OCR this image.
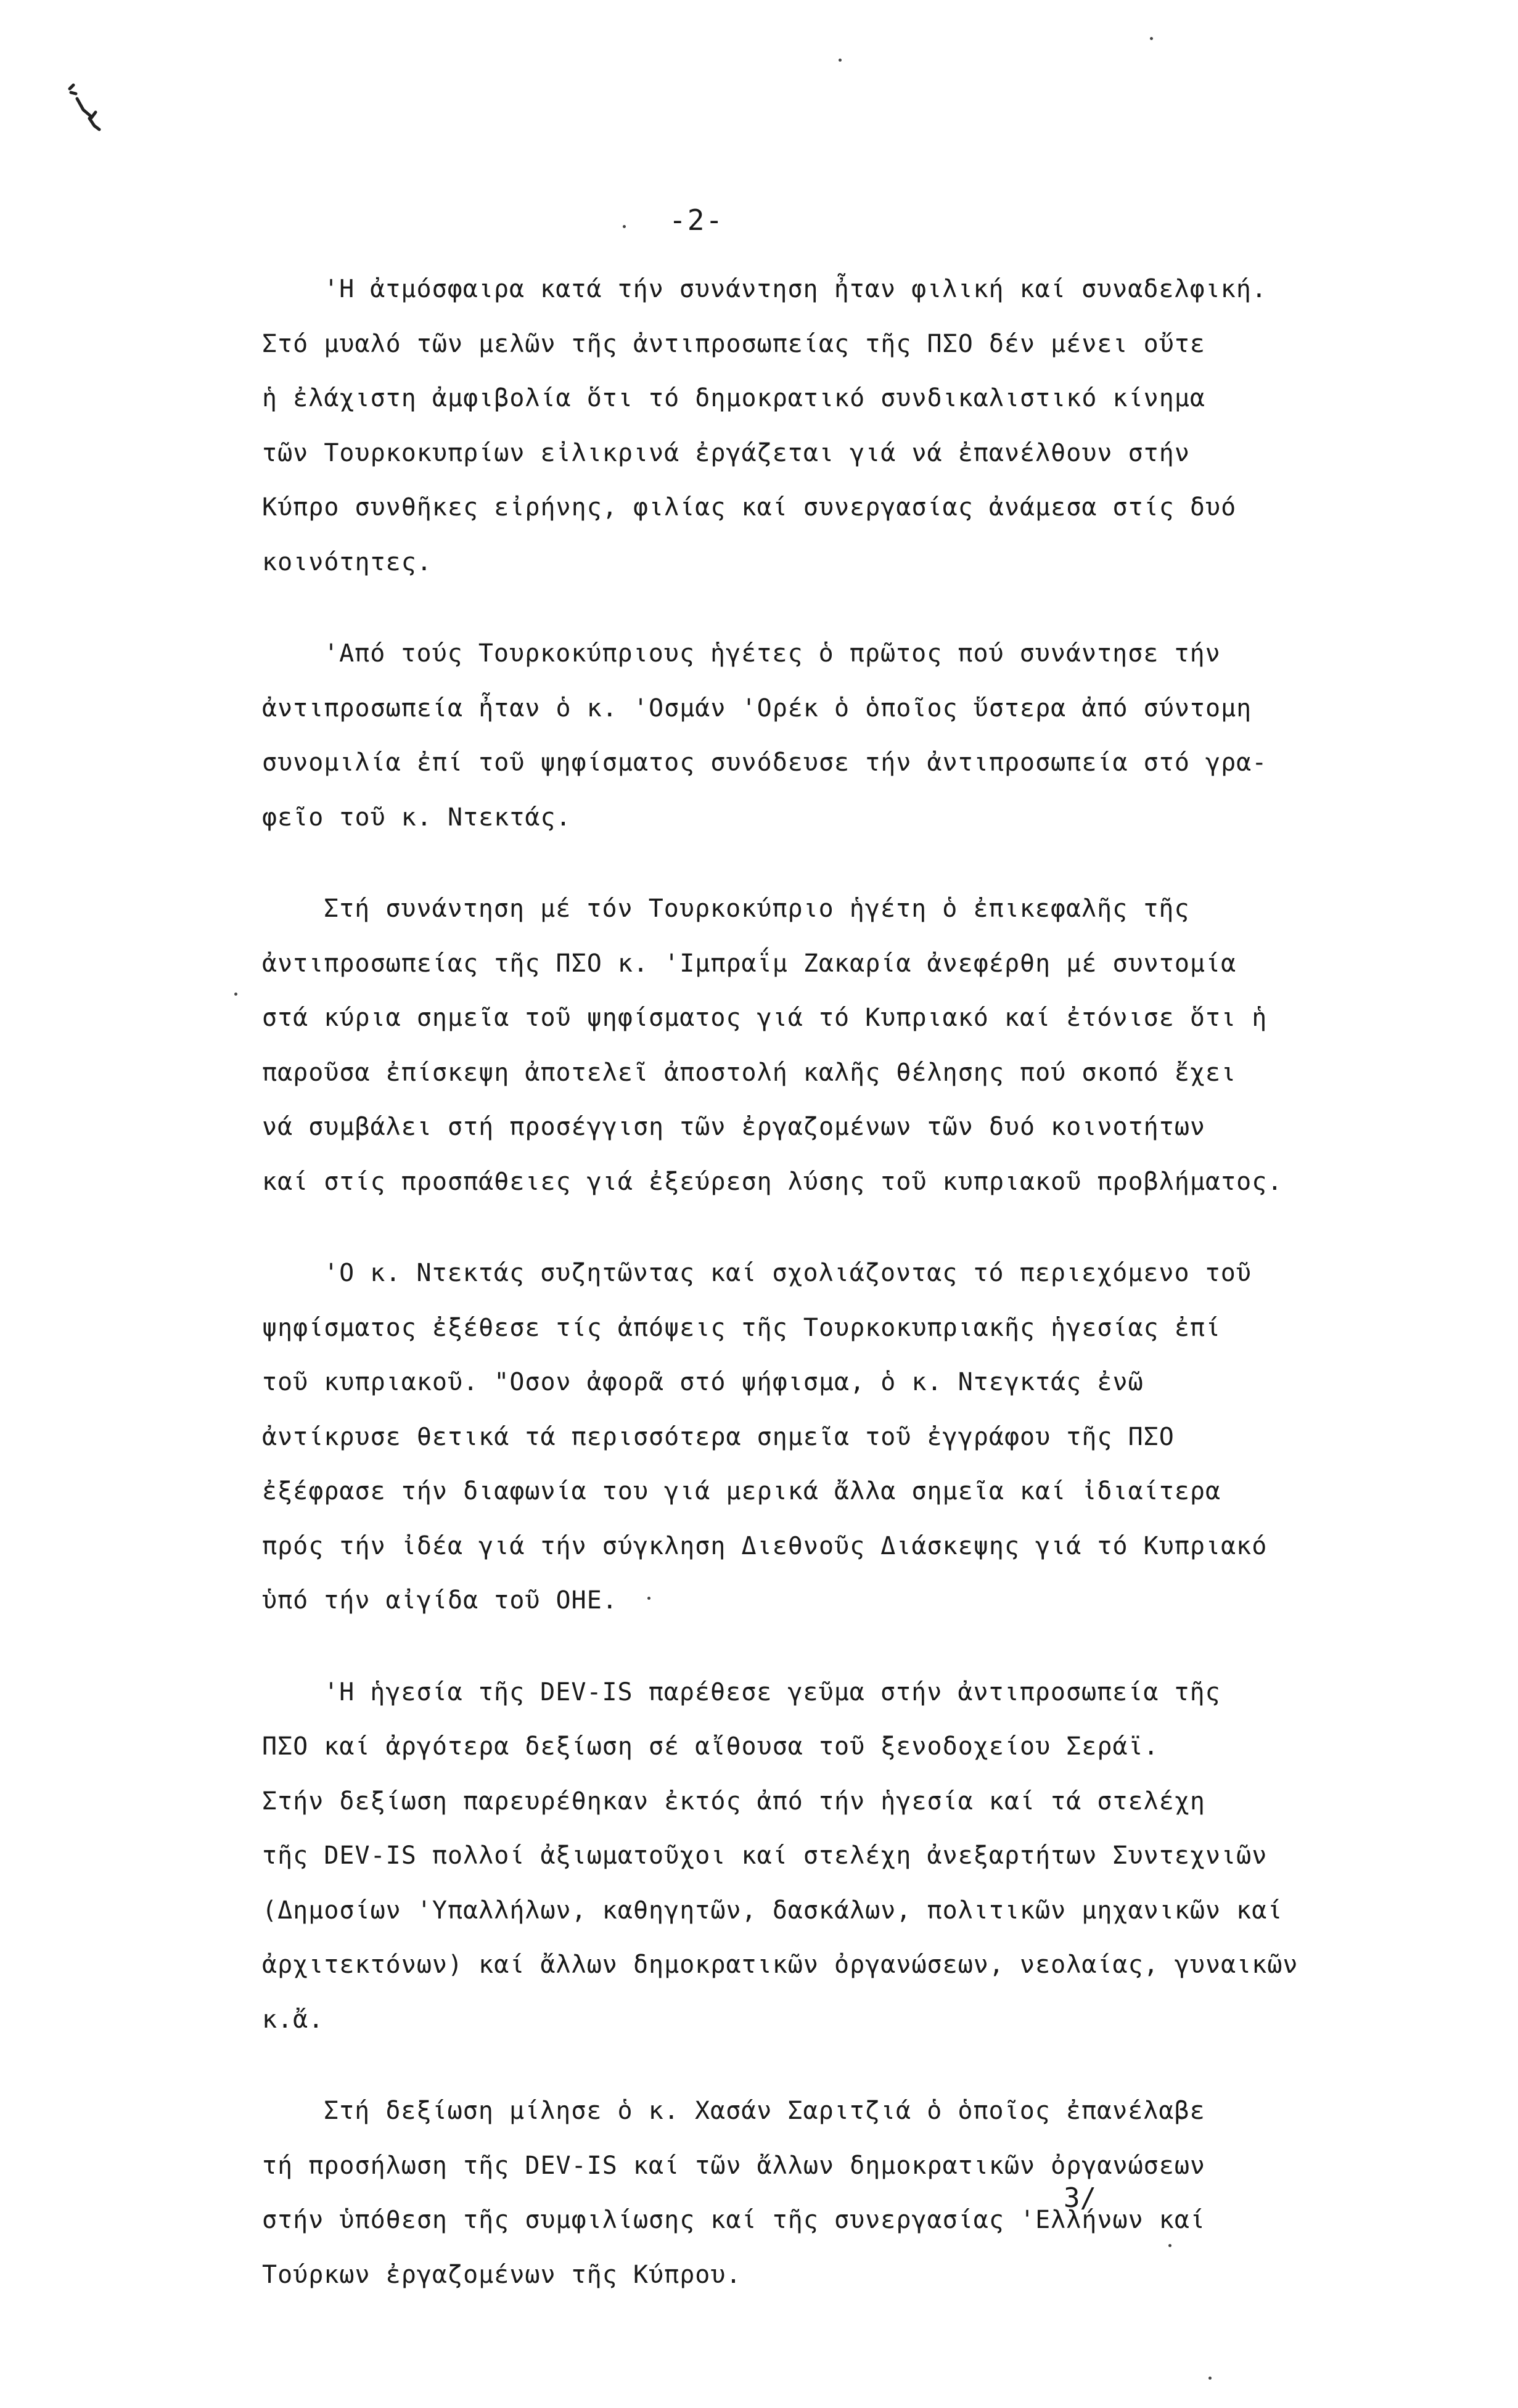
-2-
'Η ἀτμόσφαιρα κατά τήν συνάντηση ἦταν φιλική καί συναδελφική.
Στό μυαλό τῶν μελῶν τῆς ἀντιπροσωπείας τῆς ΠΣΟ δέν μένει οὔτε
ἡ ἐλάχιστη ἀμφιβολία ὅτι τό δημοκρατικό συνδικαλιστικό κίνημα
τῶν Τουρκοκυπρίων εἰλικρινά ἐργάζεται γιά νά ἐπανέλθουν στήν
Κύπρο συνθῆκες εἰρήνης, φιλίας καί συνεργασίας ἀνάμεσα στίς δυό
κοινότητες.
'Από τούς Τουρκοκύπριους ἡγέτες ὁ πρῶτος πού συνάντησε τήν
ἀντιπροσωπεία ἦταν ὁ κ. 'Οσμάν 'Ορέκ ὁ ὁποῖος ὕστερα ἀπό σύντομη
συνομιλία ἐπί τοῦ ψηφίσματος συνόδευσε τήν ἀντιπροσωπεία στό γρα-
φεῖο τοῦ κ. Ντεκτάς.
Στή συνάντηση μέ τόν Τουρκοκύπριο ἡγέτη ὁ ἐπικεφαλῆς τῆς
ἀντιπροσωπείας τῆς ΠΣΟ κ. 'Ιμπραΐμ Ζακαρία ἀνεφέρθη μέ συντομία
στά κύρια σημεῖα τοῦ ψηφίσματος γιά τό Κυπριακό καί ἐτόνισε ὅτι ἡ
παροῦσα ἐπίσκεψη ἀποτελεῖ ἀποστολή καλῆς θέλησης πού σκοπό ἔχει
νά συμβάλει στή προσέγγιση τῶν ἐργαζομένων τῶν δυό κοινοτήτων
καί στίς προσπάθειες γιά ἐξεύρεση λύσης τοῦ κυπριακοῦ προβλήματος.
'Ο κ. Ντεκτάς συζητῶντας καί σχολιάζοντας τό περιεχόμενο τοῦ
ψηφίσματος ἐξέθεσε τίς ἀπόψεις τῆς Τουρκοκυπριακῆς ἡγεσίας ἐπί
τοῦ κυπριακοῦ. "Οσον ἀφορᾶ στό ψήφισμα, ὁ κ. Ντεγκτάς ἐνῶ
ἀντίκρυσε θετικά τά περισσότερα σημεῖα τοῦ ἐγγράφου τῆς ΠΣΟ
ἐξέφρασε τήν διαφωνία του γιά μερικά ἄλλα σημεῖα καί ἰδιαίτερα
πρός τήν ἰδέα γιά τήν σύγκληση Διεθνοῦς Διάσκεψης γιά τό Κυπριακό
ὑπό τήν αἰγίδα τοῦ ΟΗΕ.
'Η ἡγεσία τῆς DEV-IS παρέθεσε γεῦμα στήν ἀντιπροσωπεία τῆς
ΠΣΟ καί ἀργότερα δεξίωση σέ αἴθουσα τοῦ ξενοδοχείου Σεράϊ.
Στήν δεξίωση παρευρέθηκαν ἐκτός ἀπό τήν ἡγεσία καί τά στελέχη
τῆς DEV-IS πολλοί ἀξιωματοῦχοι καί στελέχη ἀνεξαρτήτων Συντεχνιῶν
(Δημοσίων 'Υπαλλήλων, καθηγητῶν, δασκάλων, πολιτικῶν μηχανικῶν καί
ἀρχιτεκτόνων) καί ἄλλων δημοκρατικῶν ὀργανώσεων, νεολαίας, γυναικῶν
κ.ἄ.
Στή δεξίωση μίλησε ὁ κ. Χασάν Σαριτζιά ὁ ὁποῖος ἐπανέλαβε
τή προσήλωση τῆς DEV-IS καί τῶν ἄλλων δημοκρατικῶν ὀργανώσεων
στήν ὑπόθεση τῆς συμφιλίωσης καί τῆς συνεργασίας 'Ελλήνων καί
Τούρκων ἐργαζομένων τῆς Κύπρου.
3/
